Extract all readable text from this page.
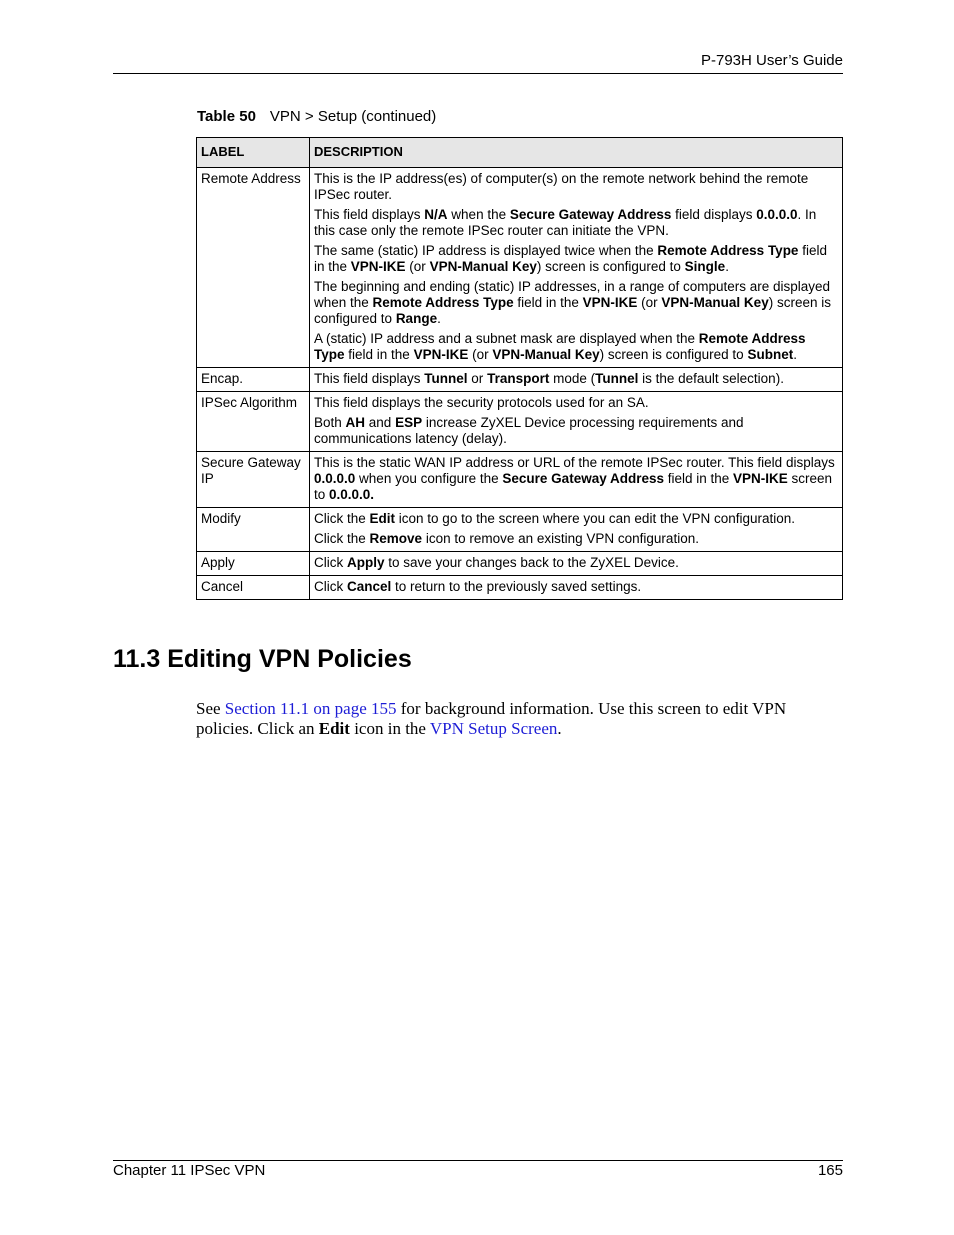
P-793H User’s Guide
Table 50 VPN > Setup (continued)
LABEL	DESCRIPTION
Remote Address	This is the IP address(es) of computer(s) on the remote network behind the remote IPSec router.

This field displays N/A when the Secure Gateway Address field displays 0.0.0.0. In this case only the remote IPSec router can initiate the VPN.

The same (static) IP address is displayed twice when the Remote Address Type field in the VPN-IKE (or VPN-Manual Key) screen is configured to Single.

The beginning and ending (static) IP addresses, in a range of computers are displayed when the Remote Address Type field in the VPN-IKE (or VPN-Manual Key) screen is configured to Range.

A (static) IP address and a subnet mask are displayed when the Remote Address Type field in the VPN-IKE (or VPN-Manual Key) screen is configured to Subnet.

Encap.	This field displays Tunnel or Transport mode (Tunnel is the default selection).

IPSec Algorithm	This field displays the security protocols used for an SA.

Both AH and ESP increase ZyXEL Device processing requirements and communications latency (delay).

Secure Gateway IP	This is the static WAN IP address or URL of the remote IPSec router. This field displays 0.0.0.0 when you configure the Secure Gateway Address field in the VPN-IKE screen to 0.0.0.0.

Modify	Click the Edit icon to go to the screen where you can edit the VPN configuration.

Click the Remove icon to remove an existing VPN configuration.

Apply	Click Apply to save your changes back to the ZyXEL Device.

Cancel	Click Cancel to return to the previously saved settings.

11.3 Editing VPN Policies

See Section 11.1 on page 155 for background information. Use this screen to edit VPN policies. Click an Edit icon in the VPN Setup Screen.

Chapter 11 IPSec VPN	165
